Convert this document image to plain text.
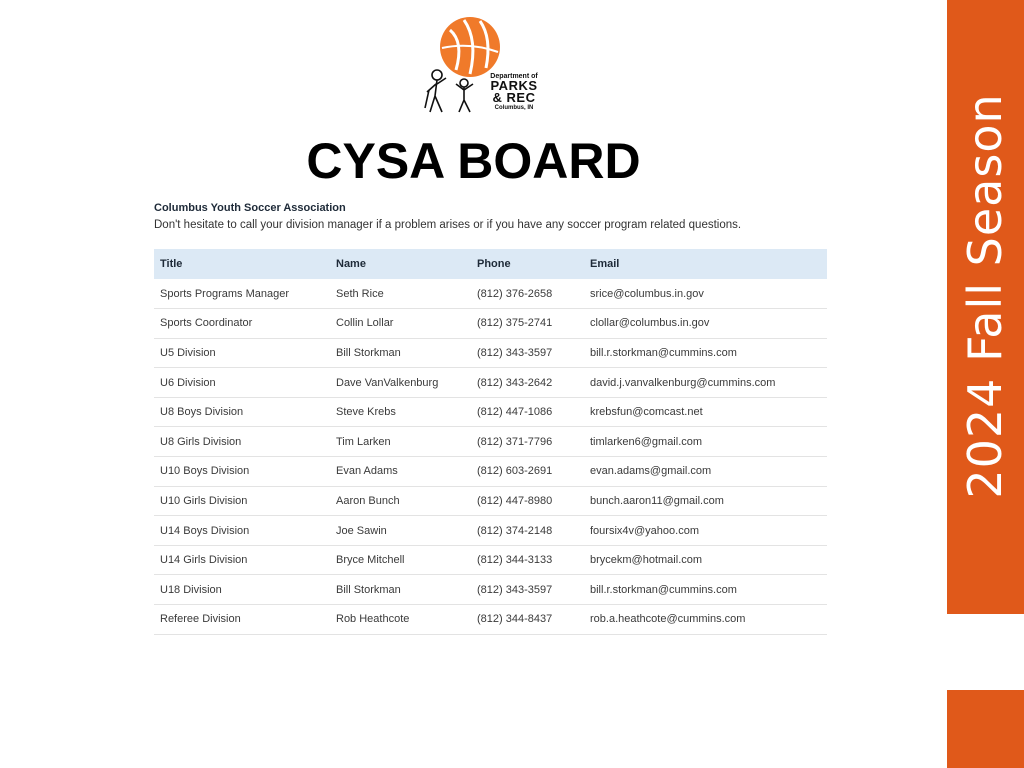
2024 Fall Season
Department of
PARKS
& REC
Columbus, IN
CYSA BOARD
Columbus Youth Soccer Association
Don't hesitate to call your division manager if a problem arises or if you have any soccer program related questions.
Title	Name	Phone	Email
Sports Programs Manager	Seth Rice	(812) 376-2658	srice@columbus.in.gov
Sports Coordinator	Collin Lollar	(812) 375-2741	clollar@columbus.in.gov
U5 Division	Bill Storkman	(812) 343-3597	bill.r.storkman@cummins.com
U6 Division	Dave VanValkenburg	(812) 343-2642	david.j.vanvalkenburg@cummins.com
U8 Boys Division	Steve Krebs	(812) 447-1086	krebsfun@comcast.net
U8 Girls Division	Tim Larken	(812) 371-7796	timlarken6@gmail.com
U10 Boys Division	Evan Adams	(812) 603-2691	evan.adams@gmail.com
U10 Girls Division	Aaron Bunch	(812) 447-8980	bunch.aaron11@gmail.com
U14 Boys Division	Joe Sawin	(812) 374-2148	foursix4v@yahoo.com
U14 Girls Division	Bryce Mitchell	(812) 344-3133	brycekm@hotmail.com
U18 Division	Bill Storkman	(812) 343-3597	bill.r.storkman@cummins.com
Referee Division	Rob Heathcote	(812) 344-8437	rob.a.heathcote@cummins.com
